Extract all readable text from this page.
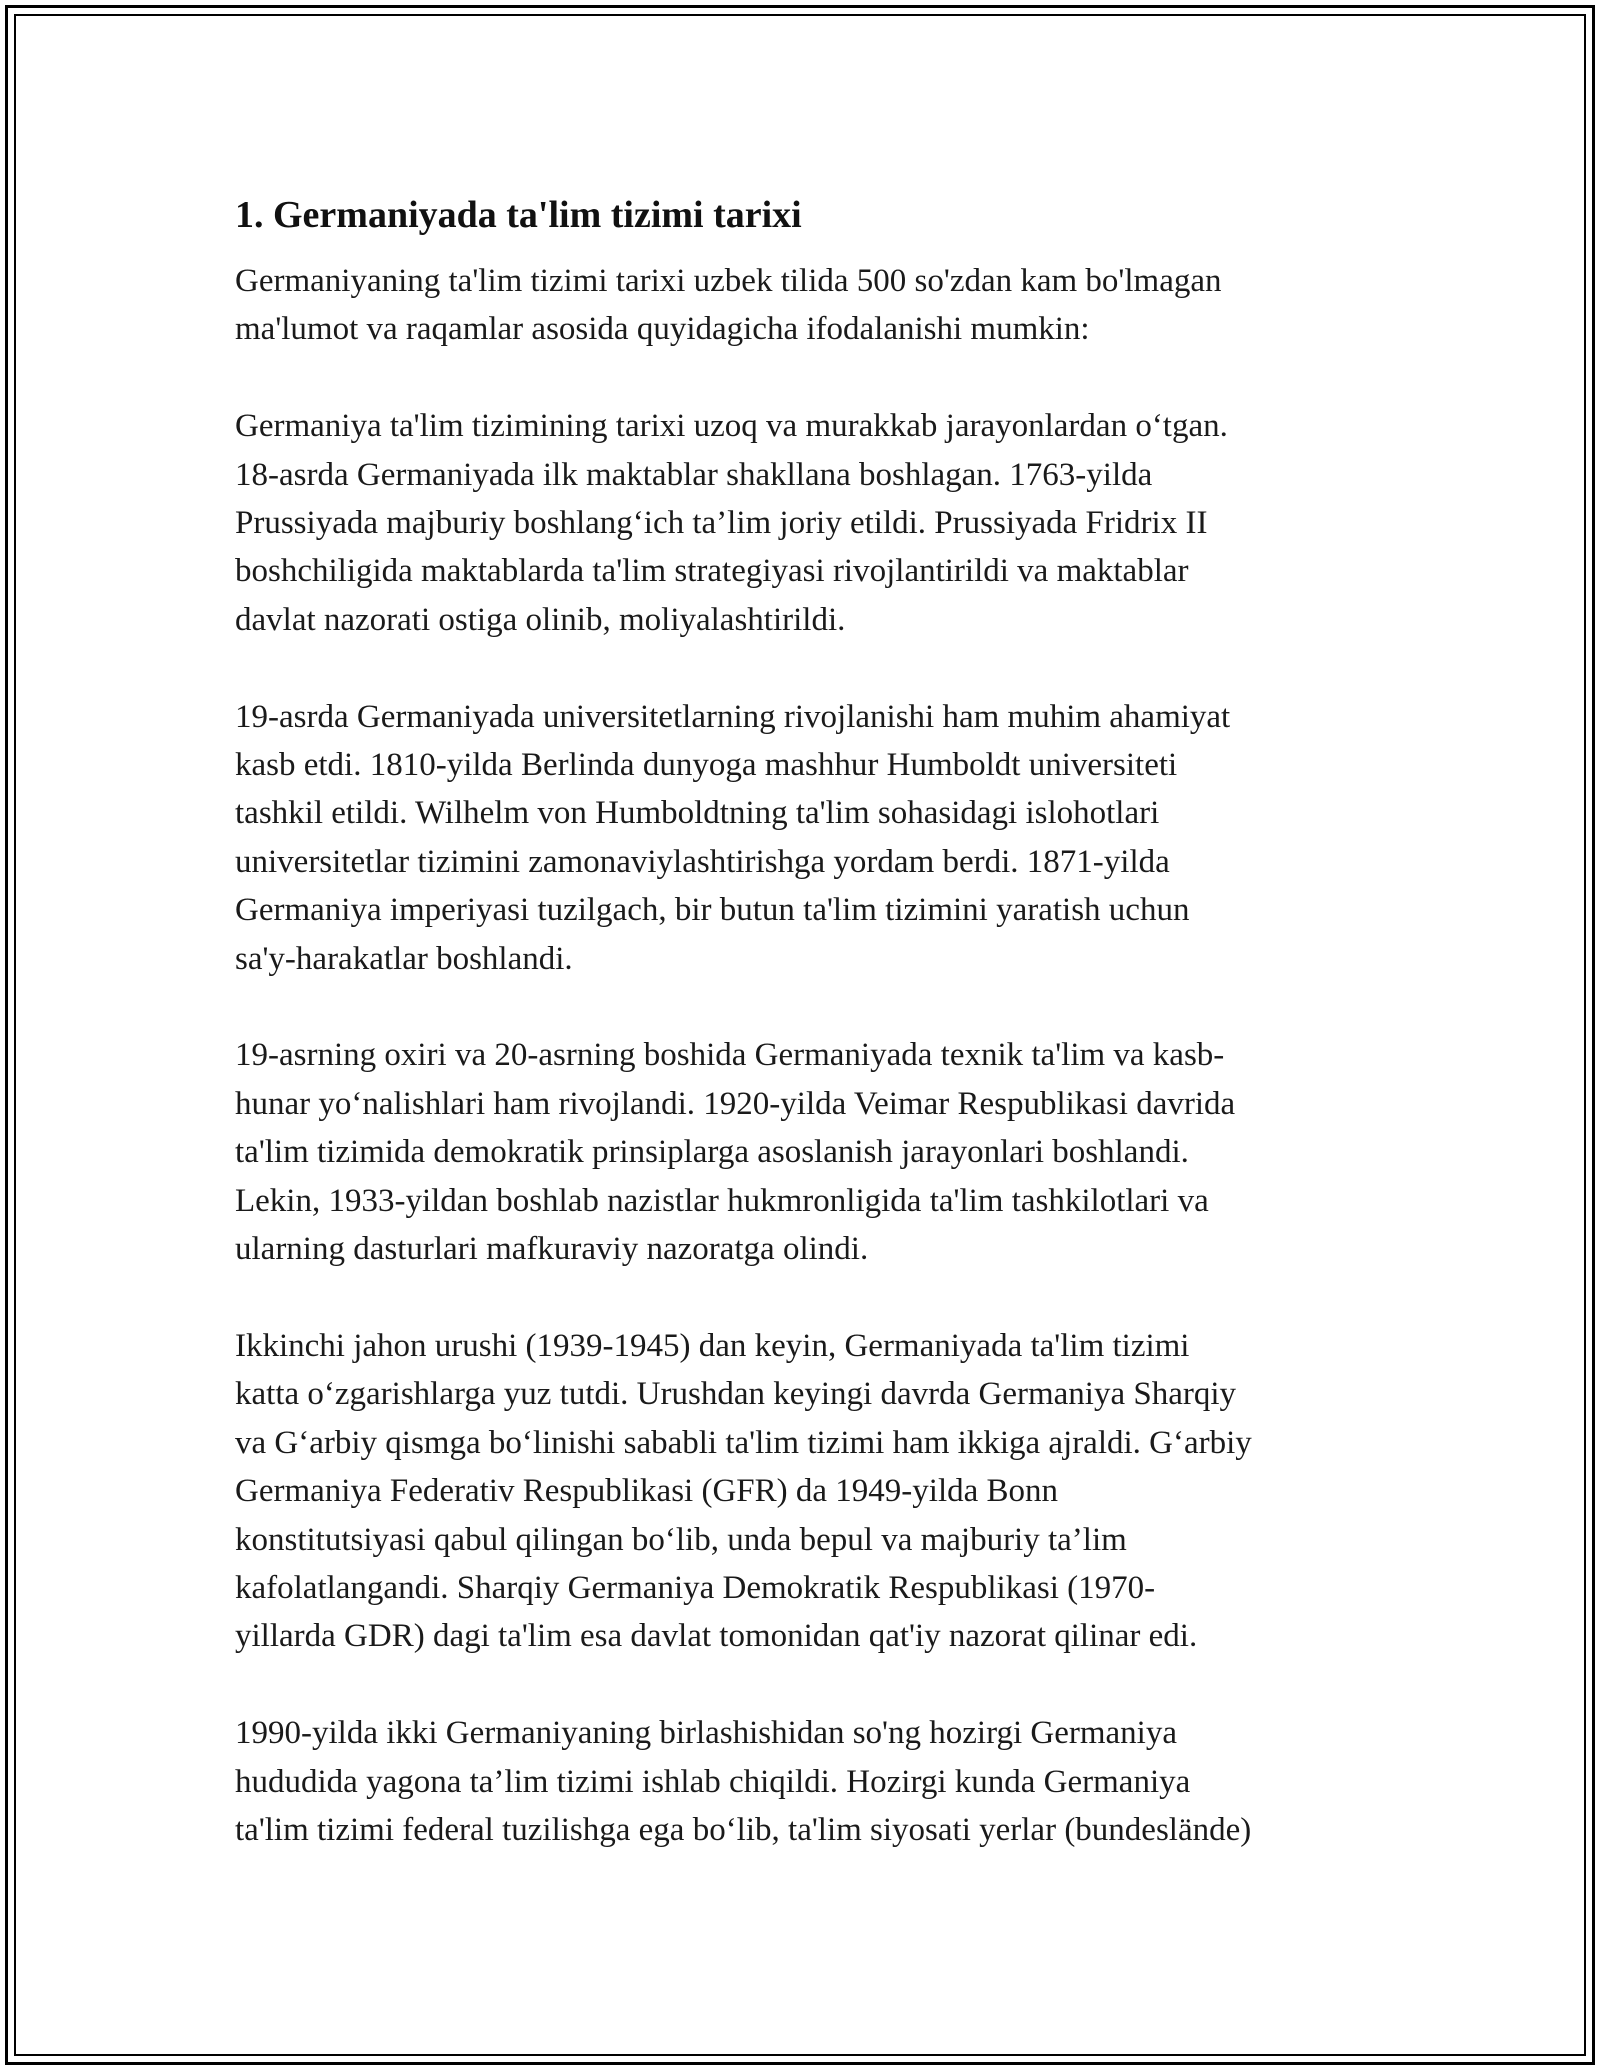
1. Germaniyada ta'lim tizimi tarixi
Germaniyaning ta'lim tizimi tarixi uzbek tilida 500 so'zdan kam bo'lmagan
ma'lumot va raqamlar asosida quyidagicha ifodalanishi mumkin:
Germaniya ta'lim tizimining tarixi uzoq va murakkab jarayonlardan o‘tgan.
18-asrda Germaniyada ilk maktablar shakllana boshlagan. 1763-yilda
Prussiyada majburiy boshlang‘ich ta’lim joriy etildi. Prussiyada Fridrix II
boshchiligida maktablarda ta'lim strategiyasi rivojlantirildi va maktablar
davlat nazorati ostiga olinib, moliyalashtirildi.
19-asrda Germaniyada universitetlarning rivojlanishi ham muhim ahamiyat
kasb etdi. 1810-yilda Berlinda dunyoga mashhur Humboldt universiteti
tashkil etildi. Wilhelm von Humboldtning ta'lim sohasidagi islohotlari
universitetlar tizimini zamonaviylashtirishga yordam berdi. 1871-yilda
Germaniya imperiyasi tuzilgach, bir butun ta'lim tizimini yaratish uchun
sa'y-harakatlar boshlandi.
19-asrning oxiri va 20-asrning boshida Germaniyada texnik ta'lim va kasb-
hunar yo‘nalishlari ham rivojlandi. 1920-yilda Veimar Respublikasi davrida
ta'lim tizimida demokratik prinsiplarga asoslanish jarayonlari boshlandi.
Lekin, 1933-yildan boshlab nazistlar hukmronligida ta'lim tashkilotlari va
ularning dasturlari mafkuraviy nazoratga olindi.
Ikkinchi jahon urushi (1939-1945) dan keyin, Germaniyada ta'lim tizimi
katta o‘zgarishlarga yuz tutdi. Urushdan keyingi davrda Germaniya Sharqiy
va G‘arbiy qismga bo‘linishi sababli ta'lim tizimi ham ikkiga ajraldi. G‘arbiy
Germaniya Federativ Respublikasi (GFR) da 1949-yilda Bonn
konstitutsiyasi qabul qilingan bo‘lib, unda bepul va majburiy ta’lim
kafolatlangandi. Sharqiy Germaniya Demokratik Respublikasi (1970-
yillarda GDR) dagi ta'lim esa davlat tomonidan qat'iy nazorat qilinar edi.
1990-yilda ikki Germaniyaning birlashishidan so'ng hozirgi Germaniya
hududida yagona ta’lim tizimi ishlab chiqildi. Hozirgi kunda Germaniya
ta'lim tizimi federal tuzilishga ega bo‘lib, ta'lim siyosati yerlar (bundeslände)
